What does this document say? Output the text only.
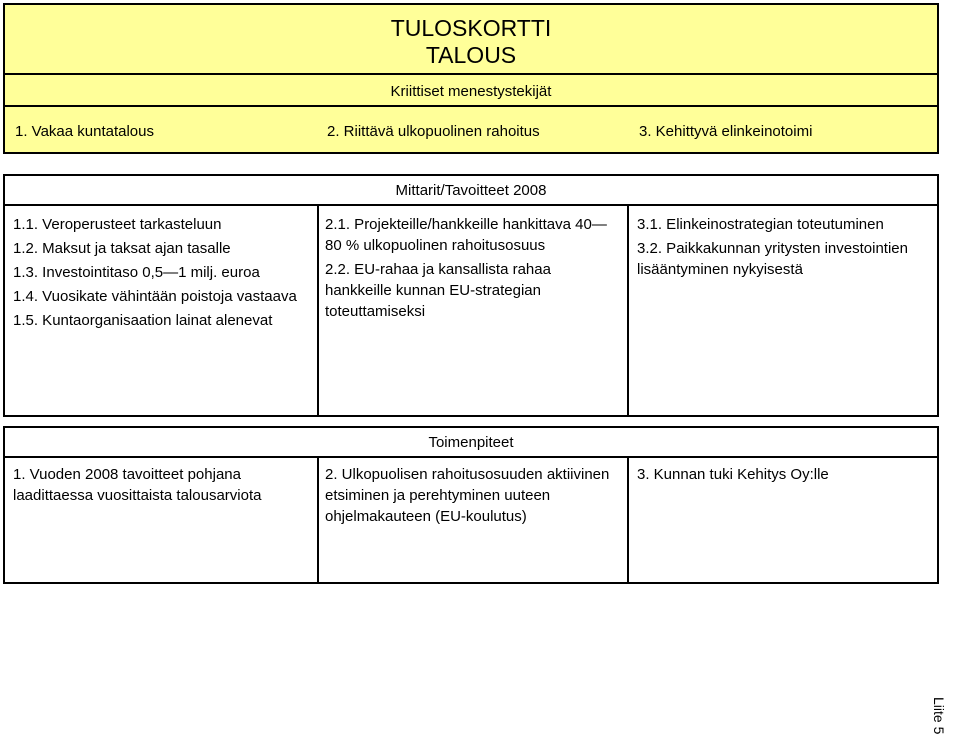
TULOSKORTTI
TALOUS
Kriittiset menestystekijät
1. Vakaa kuntatalous	2. Riittävä ulkopuolinen rahoitus	3. Kehittyvä elinkeinotoimi
Mittarit/Tavoitteet 2008

1.1. Veroperusteet tarkasteluun

1.2. Maksut ja taksat ajan tasalle

1.3. Investointitaso 0,5—1 milj. euroa

1.4. Vuosikate vähintään poistoja vastaava

1.5. Kuntaorganisaation lainat alenevat

2.1. Projekteille/hankkeille hankittava 40—80 % ulkopuolinen rahoitusosuus

2.2. EU-rahaa ja kansallista rahaa hankkeille kunnan EU-strategian toteuttamiseksi

3.1. Elinkeinostrategian toteutuminen

3.2. Paikkakunnan yritysten investointien lisääntyminen nykyisestä

Toimenpiteet
1. Vuoden 2008 tavoitteet pohjana laadittaessa vuosittaista talousarviota
2. Ulkopuolisen rahoitusosuuden aktiivinen etsiminen ja perehtyminen uuteen ohjelmakauteen (EU-koulutus)
3. Kunnan tuki Kehitys Oy:lle
Liite 5
